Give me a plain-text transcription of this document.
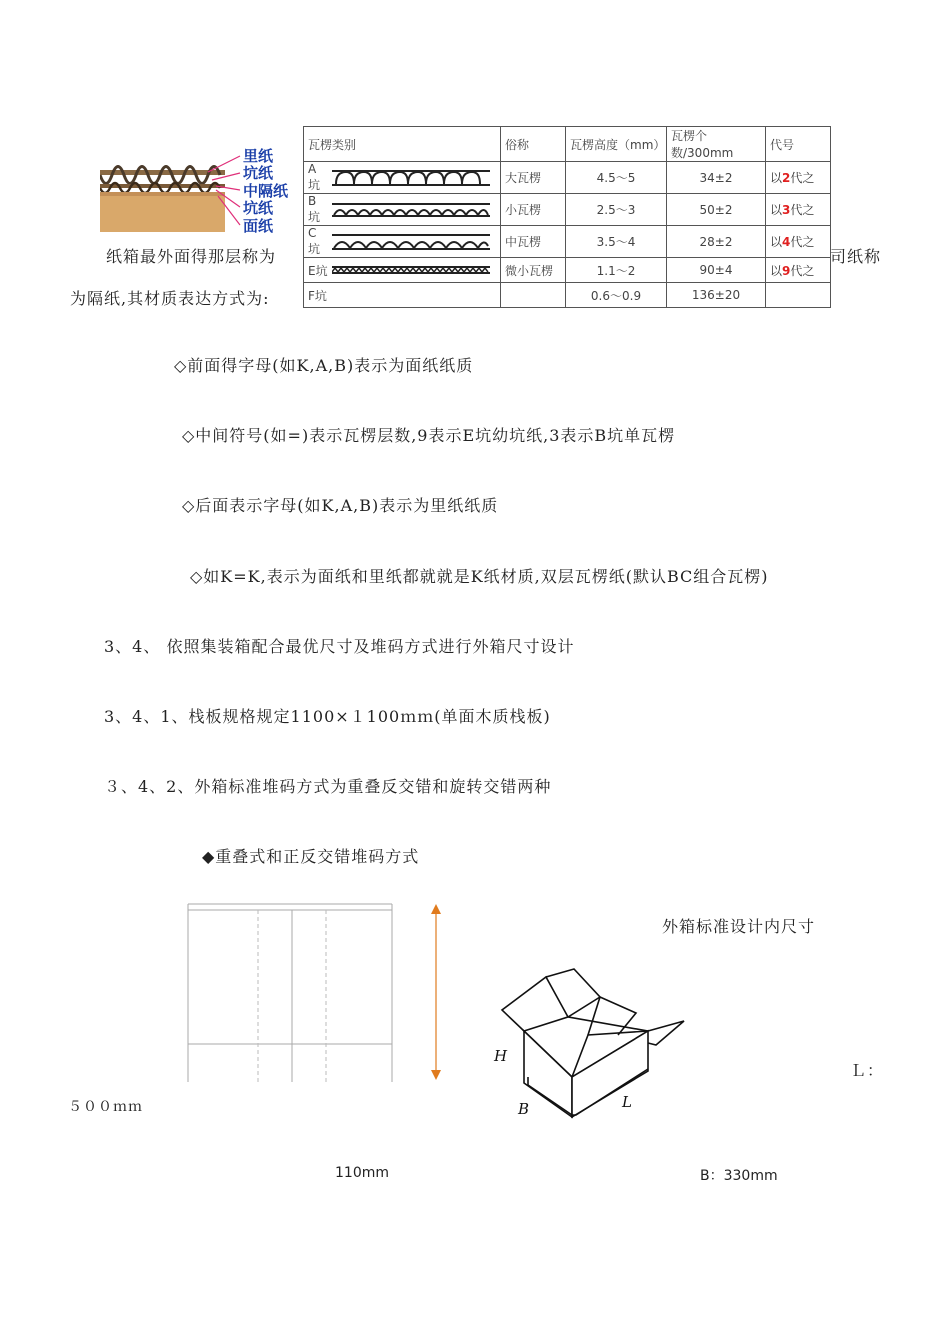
里纸
坑纸
中隔纸
坑纸
面纸
瓦楞类别	俗称	瓦楞高度（mm）	瓦楞个数/300mm	代号
A坑	大瓦楞	4.5～5	34±2	以2代之
B坑	小瓦楞	2.5～3	50±2	以3代之
C坑	中瓦楞	3.5～4	28±2	以4代之
E坑	微小瓦楞	1.1～2	90±4	以9代之
F坑		0.6～0.9	136±20	
纸箱最外面得那层称为	司纸称
为隔纸,其材质表达方式为:
◇前面得字母(如K,A,B)表示为面纸纸质
◇中间符号(如=)表示瓦楞层数,9表示E坑幼坑纸,3表示B坑单瓦楞
◇后面表示字母(如K,A,B)表示为里纸纸质
◇如K=K,表示为面纸和里纸都就就是K纸材质,双层瓦楞纸(默认BC组合瓦楞)
3、4、 依照集装箱配合最优尺寸及堆码方式进行外箱尺寸设计
3、4、1、栈板规格规定1100×１100ｍｍ(单面木质栈板)
３、4、2、外箱标准堆码方式为重叠反交错和旋转交错两种
◆重叠式和正反交错堆码方式
外箱标准设计内尺寸
Ｌ：
５００ｍｍ
110mm	B：330mm
H
B	L
